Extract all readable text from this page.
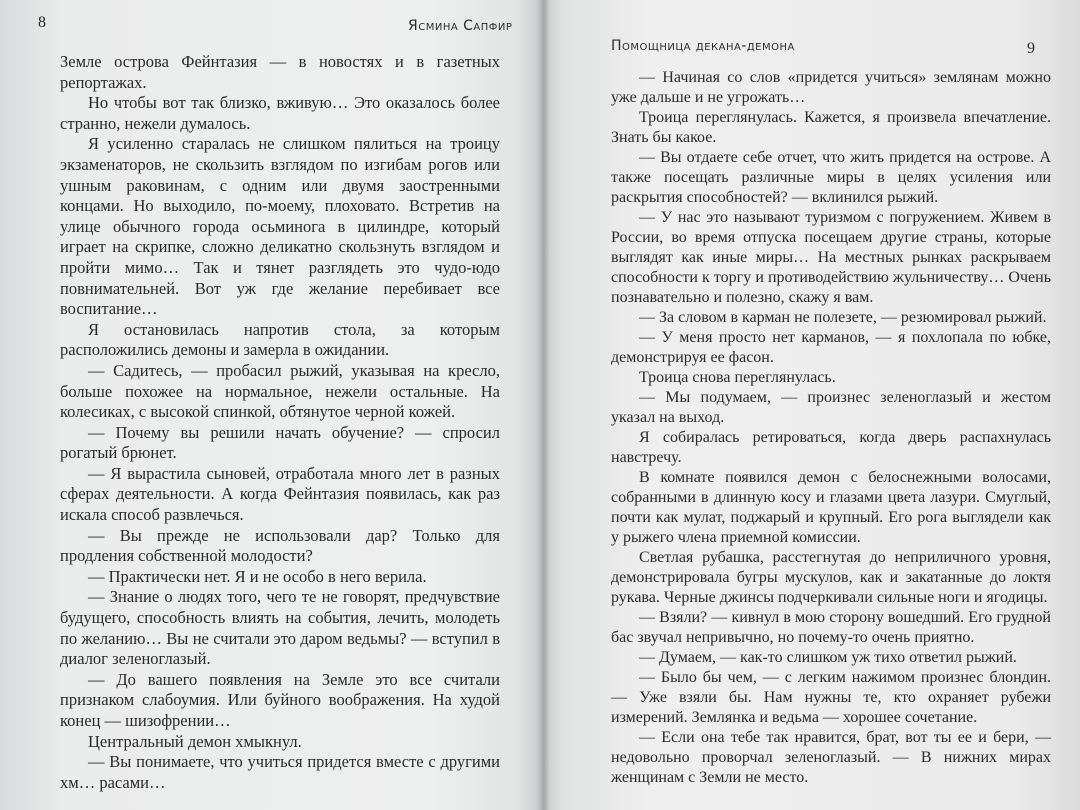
8	Ясмина Сапфир

Земле острова Фейнтазия — в новостях и в газетных репортажах.

Но чтобы вот так близко, вживую… Это оказалось более странно, нежели думалось.

Я усиленно старалась не слишком пялиться на троицу экзаменаторов, не скользить взглядом по изгибам рогов или ушным раковинам, с одним или двумя заостренными концами. Но выходило, по-моему, плоховато. Встретив на улице обычного города осьминога в цилиндре, который играет на скрипке, сложно деликатно скользнуть взглядом и пройти мимо… Так и тянет разглядеть это чудо-юдо повнимательней. Вот уж где желание перебивает все воспитание…

Я остановилась напротив стола, за которым расположились демоны и замерла в ожидании.

— Садитесь, — пробасил рыжий, указывая на кресло, больше похожее на нормальное, нежели остальные. На колесиках, с высокой спинкой, обтянутое черной кожей.

— Почему вы решили начать обучение? — спросил рогатый брюнет.

— Я вырастила сыновей, отработала много лет в разных сферах деятельности. А когда Фейнтазия появилась, как раз искала способ развлечься.

— Вы прежде не использовали дар? Только для продления собственной молодости?

— Практически нет. Я и не особо в него верила.

— Знание о людях того, чего те не говорят, предчувствие будущего, способность влиять на события, лечить, молодеть по желанию… Вы не считали это даром ведьмы? — вступил в диалог зеленоглазый.

— До вашего появления на Земле это все считали признаком слабоумия. Или буйного воображения. На худой конец — шизофрении…

Центральный демон хмыкнул.

— Вы понимаете, что учиться придется вместе с другими хм… расами…

Помощница декана-демона	9

— Начиная со слов «придется учиться» землянам можно уже дальше и не угрожать…

Троица переглянулась. Кажется, я произвела впечатление. Знать бы какое.

— Вы отдаете себе отчет, что жить придется на острове. А также посещать различные миры в целях усиления или раскрытия способностей? — вклинился рыжий.

— У нас это называют туризмом с погружением. Живем в России, во время отпуска посещаем другие страны, которые выглядят как иные миры… На местных рынках раскрываем способности к торгу и противодействию жульничеству… Очень познавательно и полезно, скажу я вам.

— За словом в карман не полезете, — резюмировал рыжий.

— У меня просто нет карманов, — я похлопала по юбке, демонстрируя ее фасон.

Троица снова переглянулась.

— Мы подумаем, — произнес зеленоглазый и жестом указал на выход.

Я собиралась ретироваться, когда дверь распахнулась навстречу.

В комнате появился демон с белоснежными волосами, собранными в длинную косу и глазами цвета лазури. Смуглый, почти как мулат, поджарый и крупный. Его рога выглядели как у рыжего члена приемной комиссии.

Светлая рубашка, расстегнутая до неприличного уровня, демонстрировала бугры мускулов, как и закатанные до локтя рукава. Черные джинсы подчеркивали сильные ноги и ягодицы.

— Взяли? — кивнул в мою сторону вошедший. Его грудной бас звучал непривычно, но почему-то очень приятно.

— Думаем, — как-то слишком уж тихо ответил рыжий.

— Было бы чем, — с легким нажимом произнес блондин. — Уже взяли бы. Нам нужны те, кто охраняет рубежи измерений. Землянка и ведьма — хорошее сочетание.

— Если она тебе так нравится, брат, вот ты ее и бери, — недовольно проворчал зеленоглазый. — В нижних мирах женщинам с Земли не место.
